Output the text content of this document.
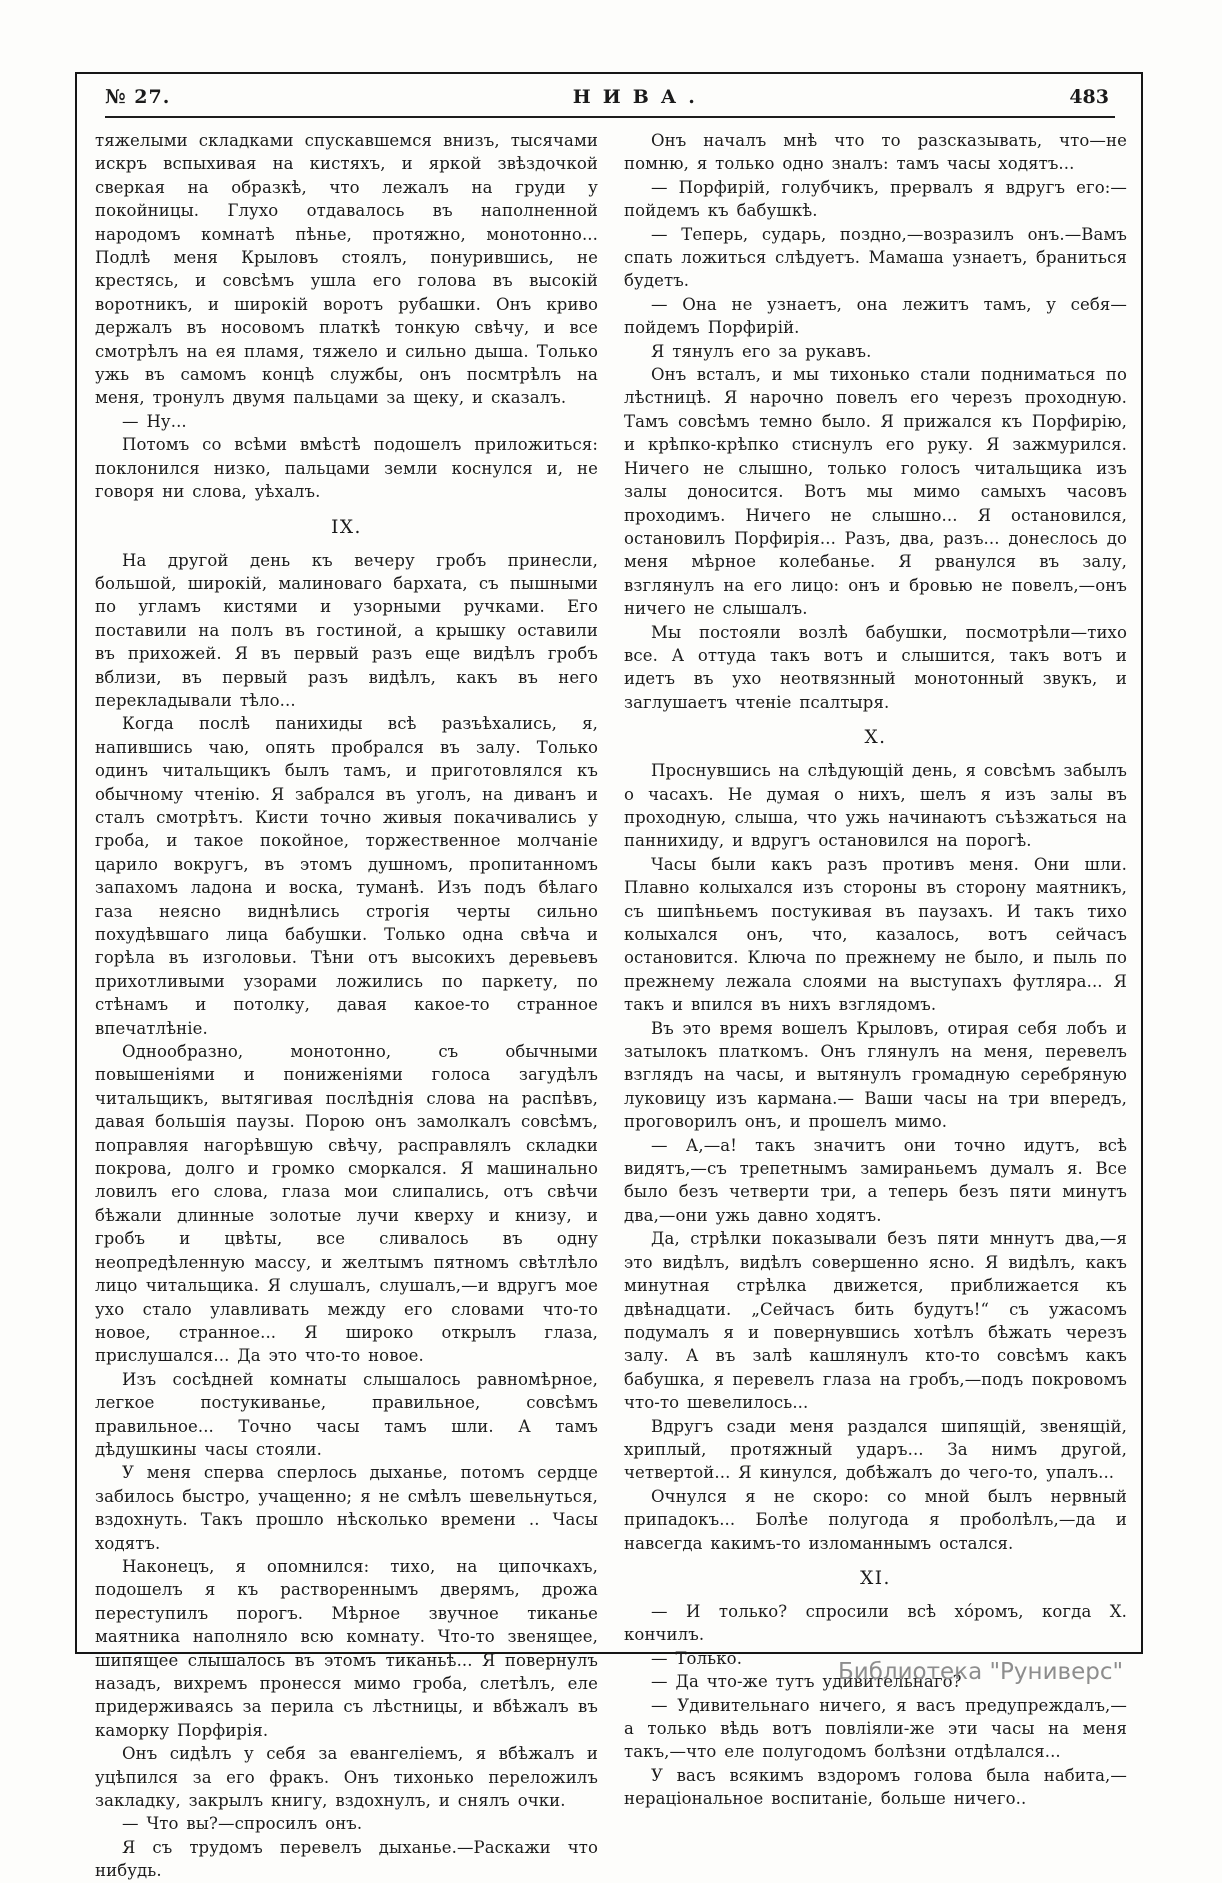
№ 27.	НИВА.	483

тяжелыми складками спускавшемся внизъ, тысячами искръ вспыхивая на кистяхъ, и яркой звѣздочкой сверкая на образкѣ, что лежалъ на груди у покойницы. Глухо отдавалось въ наполненной народомъ комнатѣ пѣнье, протяжно, монотонно... Подлѣ меня Крыловъ стоялъ, понурившись, не крестясь, и совсѣмъ ушла его голова въ высокій воротникъ, и широкій воротъ рубашки. Онъ криво держалъ въ носовомъ платкѣ тонкую свѣчу, и все смотрѣлъ на ея пламя, тяжело и сильно дыша. Только ужь въ самомъ концѣ службы, онъ посмтрѣлъ на меня, тронулъ двумя пальцами за щеку, и сказалъ.

— Ну...

Потомъ со всѣми вмѣстѣ подошелъ приложиться: поклонился низко, пальцами земли коснулся и, не говоря ни слова, уѣхалъ.

IX.

На другой день къ вечеру гробъ принесли, большой, широкій, малиноваго бархата, съ пышными по угламъ кистями и узорными ручками. Его поставили на полъ въ гостиной, а крышку оставили въ прихожей. Я въ первый разъ еще видѣлъ гробъ вблизи, въ первый разъ видѣлъ, какъ въ него перекладывали тѣло...

Когда послѣ панихиды всѣ разъѣхались, я, напившись чаю, опять пробрался въ залу. Только одинъ читальщикъ былъ тамъ, и приготовлялся къ обычному чтенію. Я забрался въ уголъ, на диванъ и сталъ смотрѣтъ. Кисти точно живыя покачивались у гроба, и такое покойное, торжественное молчаніе царило вокругъ, въ этомъ душномъ, пропитанномъ запахомъ ладона и воска, туманѣ. Изъ подъ бѣлаго газа неясно виднѣлись строгія черты сильно похудѣвшаго лица бабушки. Только одна свѣча и горѣла въ изголовьи. Тѣни отъ высокихъ деревьевъ прихотливыми узорами ложились по паркету, по стѣнамъ и потолку, давая какое-то странное впечатлѣніе.

Однообразно, монотонно, съ обычными повышеніями и пониженіями голоса загудѣлъ читальщикъ, вытягивая послѣднія слова на распѣвъ, давая большія паузы. Порою онъ замолкалъ совсѣмъ, поправляя нагорѣвшую свѣчу, расправлялъ складки покрова, долго и громко сморкался. Я машинально ловилъ его слова, глаза мои слипались, отъ свѣчи бѣжали длинные золотые лучи кверху и книзу, и гробъ и цвѣты, все сливалось въ одну неопредѣленную массу, и желтымъ пятномъ свѣтлѣло лицо читальщика. Я слушалъ, слушалъ,—и вдругъ мое ухо стало улавливать между его словами что-то новое, странное... Я широко открылъ глаза, прислушался... Да это что-то новое.

Изъ сосѣдней комнаты слышалось равномѣрное, легкое постукиванье, правильное, совсѣмъ правильное... Точно часы тамъ шли. А тамъ дѣдушкины часы стояли.

У меня сперва сперлось дыханье, потомъ сердце забилось быстро, учащенно; я не смѣлъ шевельнуться, вздохнуть. Такъ прошло нѣсколько времени .. Часы ходятъ.

Наконецъ, я опомнился: тихо, на ципочкахъ, подошелъ я къ раствореннымъ дверямъ, дрожа переступилъ порогъ. Мѣрное звучное тиканье маятника наполняло всю комнату. Что-то звенящее, шипящее слышалось въ этомъ тиканьѣ... Я повернулъ назадъ, вихремъ пронесся мимо гроба, слетѣлъ, еле придерживаясь за перила съ лѣстницы, и вбѣжалъ въ каморку Порфирія.

Онъ сидѣлъ у себя за евангеліемъ, я вбѣжалъ и уцѣпился за его фракъ. Онъ тихонько переложилъ закладку, закрылъ книгу, вздохнулъ, и снялъ очки.

— Что вы?—спросилъ онъ.

Я съ трудомъ перевелъ дыханье.—Раскажи что нибудь.

Онъ началъ мнѣ что то разсказывать, что—не помню, я только одно зналъ: тамъ часы ходятъ...

— Порфирій, голубчикъ, прервалъ я вдругъ его:—пойдемъ къ бабушкѣ.

— Теперь, сударь, поздно,—возразилъ онъ.—Вамъ спать ложиться слѣдуетъ. Мамаша узнаетъ, браниться будетъ.

— Она не узнаетъ, она лежитъ тамъ, у себя—пойдемъ Порфирій.

Я тянулъ его за рукавъ.

Онъ всталъ, и мы тихонько стали подниматься по лѣстницѣ. Я нарочно повелъ его черезъ проходную. Тамъ совсѣмъ темно было. Я прижался къ Порфирію, и крѣпко-крѣпко стиснулъ его руку. Я зажмурился. Ничего не слышно, только голосъ читальщика изъ залы доносится. Вотъ мы мимо самыхъ часовъ проходимъ. Ничего не слышно... Я остановился, остановилъ Порфирія... Разъ, два, разъ... донеслось до меня мѣрное колебанье. Я рванулся въ залу, взглянулъ на его лицо: онъ и бровью не повелъ,—онъ ничего не слышалъ.

Мы постояли возлѣ бабушки, посмотрѣли—тихо все. А оттуда такъ вотъ и слышится, такъ вотъ и идетъ въ ухо неотвязнный монотонный звукъ, и заглушаетъ чтеніе псалтыря.

X.

Проснувшись на слѣдующій день, я совсѣмъ забылъ о часахъ. Не думая о нихъ, шелъ я изъ залы въ проходную, слыша, что ужь начинаютъ съѣзжаться на паннихиду, и вдругъ остановился на порогѣ.

Часы были какъ разъ противъ меня. Они шли. Плавно колыхался изъ стороны въ сторону маятникъ, съ шипѣньемъ постукивая въ паузахъ. И такъ тихо колыхался онъ, что, казалось, вотъ сейчасъ остановится. Ключа по прежнему не было, и пыль по прежнему лежала слоями на выступахъ футляра... Я такъ и впился въ нихъ взглядомъ.

Въ это время вошелъ Крыловъ, отирая себя лобъ и затылокъ платкомъ. Онъ глянулъ на меня, перевелъ взглядъ на часы, и вытянулъ громадную серебряную луковицу изъ кармана.— Ваши часы на три впередъ, проговорилъ онъ, и прошелъ мимо.

— А,—а! такъ значитъ они точно идутъ, всѣ видятъ,—съ трепетнымъ замираньемъ думалъ я. Все было безъ четверти три, а теперь безъ пяти минутъ два,—они ужь давно ходятъ.

Да, стрѣлки показывали безъ пяти мннутъ два,—я это видѣлъ, видѣлъ совершенно ясно. Я видѣлъ, какъ минутная стрѣлка движется, приближается къ двѣнадцати. „Сейчасъ бить будутъ!“ съ ужасомъ подумалъ я и повернувшись хотѣлъ бѣжать черезъ залу. А въ залѣ кашлянулъ кто-то совсѣмъ какъ бабушка, я перевелъ глаза на гробъ,—подъ покровомъ что-то шевелилось...

Вдругъ сзади меня раздался шипящій, звенящій, хриплый, протяжный ударъ... За нимъ другой, четвертой... Я кинулся, добѣжалъ до чего-то, упалъ...

Очнулся я не скоро: со мной былъ нервный припадокъ... Болѣе полугода я проболѣлъ,—да и навсегда какимъ-то изломаннымъ остался.

XI.

— И только? спросили всѣ хóромъ, когда X. кончилъ.

— Только.

— Да что-же тутъ удивительнаго?

— Удивительнаго ничего, я васъ предупреждалъ,— а только вѣдь вотъ повліяли-же эти часы на меня такъ,—что еле полугодомъ болѣзни отдѣлался...

У васъ всякимъ вздоромъ голова была набита,—нераціональное воспитаніе, больше ничего..

Библиотека "Руниверс"
